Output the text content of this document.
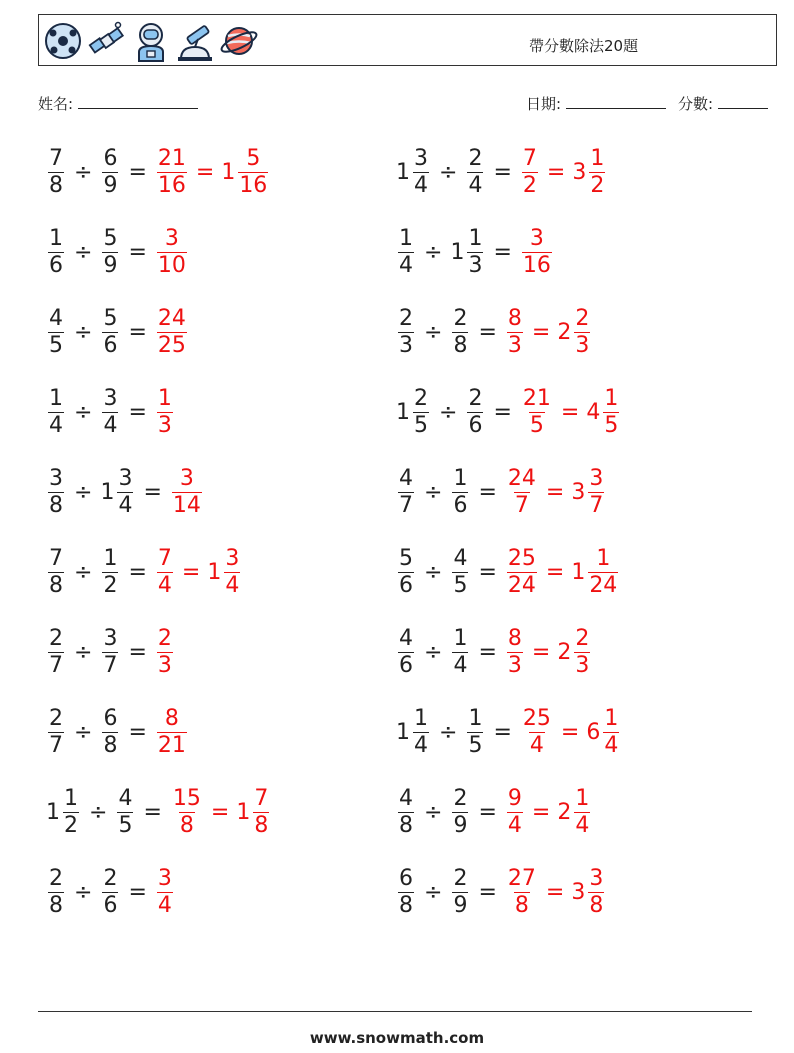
帶分數除法20題
姓名:	日期:	分數:
$\frac{7}{8} \div \frac{6}{9} = \frac{21}{16} = 1 \frac{5}{16}$
$\frac{1}{6} \div \frac{5}{9} = \frac{3}{10}$
$\frac{4}{5} \div \frac{5}{6} = \frac{24}{25}$
$\frac{1}{4} \div \frac{3}{4} = \frac{1}{3}$
$\frac{3}{8} \div 1 \frac{3}{4} = \frac{3}{14}$
$\frac{7}{8} \div \frac{1}{2} = \frac{7}{4} = 1 \frac{3}{4}$
$\frac{2}{7} \div \frac{3}{7} = \frac{2}{3}$
$\frac{2}{7} \div \frac{6}{8} = \frac{8}{21}$
$1 \frac{1}{2} \div \frac{4}{5} = \frac{15}{8} = 1 \frac{7}{8}$
$\frac{2}{8} \div \frac{2}{6} = \frac{3}{4}$
$1 \frac{3}{4} \div \frac{2}{4} = \frac{7}{2} = 3 \frac{1}{2}$
$\frac{1}{4} \div 1 \frac{1}{3} = \frac{3}{16}$
$\frac{2}{3} \div \frac{2}{8} = \frac{8}{3} = 2 \frac{2}{3}$
$1 \frac{2}{5} \div \frac{2}{6} = \frac{21}{5} = 4 \frac{1}{5}$
$\frac{4}{7} \div \frac{1}{6} = \frac{24}{7} = 3 \frac{3}{7}$
$\frac{5}{6} \div \frac{4}{5} = \frac{25}{24} = 1 \frac{1}{24}$
$\frac{4}{6} \div \frac{1}{4} = \frac{8}{3} = 2 \frac{2}{3}$
$1 \frac{1}{4} \div \frac{1}{5} = \frac{25}{4} = 6 \frac{1}{4}$
$\frac{4}{8} \div \frac{2}{9} = \frac{9}{4} = 2 \frac{1}{4}$
$\frac{6}{8} \div \frac{2}{9} = \frac{27}{8} = 3 \frac{3}{8}$
www.snowmath.com
